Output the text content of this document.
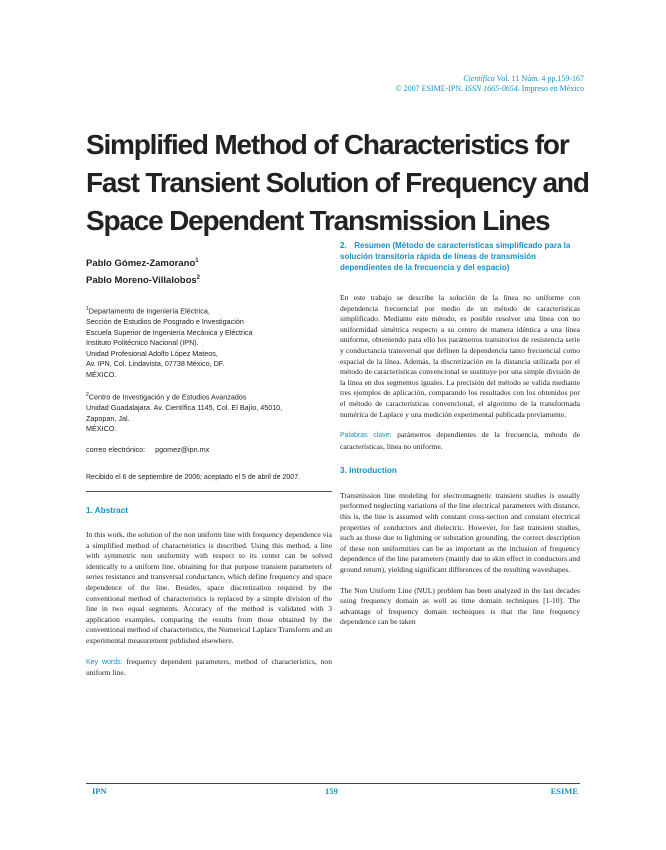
Científica Vol. 11 Núm. 4 pp.159-167
© 2007 ESIME-IPN. ISSN 1665-0654. Impreso en México
Simplified Method of Characteristics for Fast Transient Solution of Frequency and Space Dependent Transmission Lines
Pablo Gómez-Zamorano$^1$
Pablo Moreno-Villalobos$^2$

$^1$Departamento de Ingeniería Eléctrica,

Sección de Estudios de Posgrado e Investigación

Escuela Superior de Ingeniería Mecánica y Eléctrica

Instituto Politécnico Nacional (IPN).

Unidad Profesional Adolfo López Mateos,

Av. IPN, Col. Lindavista, 07738 México, DF.

MÉXICO.

$^2$Centro de Investigación y de Estudios Avanzados

Unidad Guadalajara. Av. Científica 1145, Col. El Bajío, 45010,

Zapopan, Jal.

MÉXICO.

correo electrónico: pgomez@ipn.mx
Recibido el 6 de septiembre de 2006; aceptado el 5 de abril de 2007.
1. Abstract

In this work, the solution of the non uniform line with frequency dependence via a simplified method of characteristics is described. Using this method, a line with symmetric non uniformity with respect to its center can be solved identically to a uniform line, obtaining for that purpose transient parameters of series resistance and transversal conductance, which define frequency and space dependence of the line. Besides, space discretization required by the conventional method of characteristics is replaced by a simple division of the line in two equal segments. Accuracy of the method is validated with 3 application examples, comparing the results from those obtained by the conventional method of characteristics, the Numerical Laplace Transform and an experimental measurement published elsewhere.

Key words: frequency dependent parameters, method of characteristics, non uniform line.

2. Resumen (Método de características simplificado para la solución transitoria rápida de líneas de transmisión dependientes de la frecuencia y del espacio)

En este trabajo se describe la solución de la línea no uniforme con dependencia frecuencial por medio de un método de características simplificado. Mediante este método, es posible resolver una línea con no uniformidad simétrica respecto a su centro de manera idéntica a una línea uniforme, obteniendo para ello los parámetros transitorios de resistencia serie y conductancia transversal que definen la dependencia tanto frecuencial como espacial de la línea. Además, la discretización en la distancia utilizada por el método de características convencional se sustituye por una simple división de la línea en dos segmentos iguales. La precisión del método se valida mediante tres ejemplos de aplicación, comparando los resultados con los obtenidos por el método de características convencional, el algoritmo de la transformada numérica de Laplace y una medición experimental publicada previamente.

Palabras clave: parámetros dependientes de la frecuencia, método de características, línea no uniforme.

3. Introduction

Transmission line modeling for electromagnetic transient studies is usually performed neglecting variations of the line electrical parameters with distance, this is, the line is assumed with constant cross-section and constant electrical properties of conductors and dielectric. However, for fast transient studies, such as those due to lightning or substation grounding, the correct description of these non uniformities can be as important as the inclusion of frequency dependence of the line parameters (mainly due to skin effect in conductors and ground return), yielding significant differences of the resulting waveshapes.

The Non Uniform Line (NUL) problem has been analyzed in the last decades using frequency domain as well as time domain techniques [1-10]. The advantage of frequency domain techniques is that the line frequency dependence can be taken

IPN	159	ESIME
